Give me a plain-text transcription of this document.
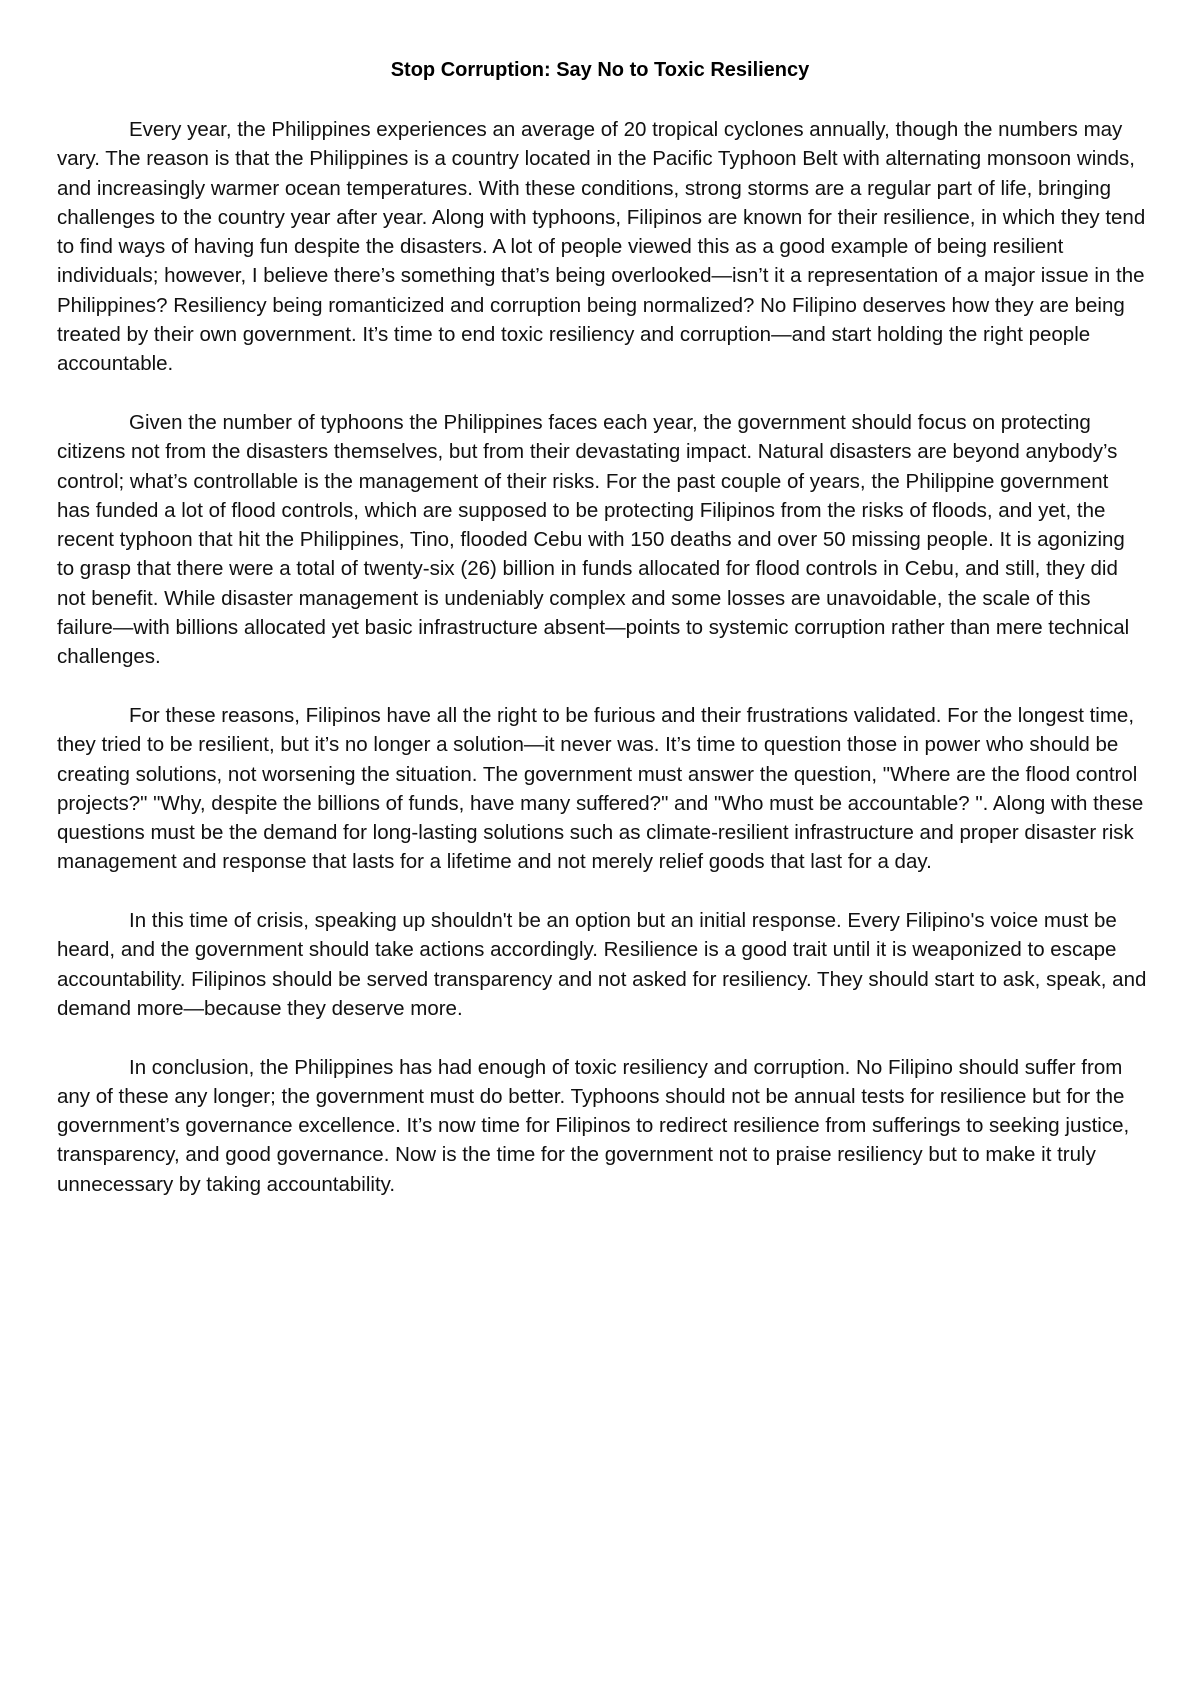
Stop Corruption: Say No to Toxic Resiliency

Every year, the Philippines experiences an average of 20 tropical cyclones annually, though the numbers may vary. The reason is that the Philippines is a country located in the Pacific Typhoon Belt with alternating monsoon winds, and increasingly warmer ocean temperatures. With these conditions, strong storms are a regular part of life, bringing challenges to the country year after year. Along with typhoons, Filipinos are known for their resilience, in which they tend to find ways of having fun despite the disasters. A lot of people viewed this as a good example of being resilient individuals; however, I believe there’s something that’s being overlooked—isn’t it a representation of a major issue in the Philippines? Resiliency being romanticized and corruption being normalized? No Filipino deserves how they are being treated by their own government. It’s time to end toxic resiliency and corruption—and start holding the right people accountable.

Given the number of typhoons the Philippines faces each year, the government should focus on protecting citizens not from the disasters themselves, but from their devastating impact. Natural disasters are beyond anybody’s control; what’s controllable is the management of their risks. For the past couple of years, the Philippine government has funded a lot of flood controls, which are supposed to be protecting Filipinos from the risks of floods, and yet, the recent typhoon that hit the Philippines, Tino, flooded Cebu with 150 deaths and over 50 missing people. It is agonizing to grasp that there were a total of twenty-six (26) billion in funds allocated for flood controls in Cebu, and still, they did not benefit. While disaster management is undeniably complex and some losses are unavoidable, the scale of this failure—with billions allocated yet basic infrastructure absent—points to systemic corruption rather than mere technical challenges.

For these reasons, Filipinos have all the right to be furious and their frustrations validated. For the longest time, they tried to be resilient, but it’s no longer a solution—it never was. It’s time to question those in power who should be creating solutions, not worsening the situation. The government must answer the question, "Where are the flood control projects?" "Why, despite the billions of funds, have many suffered?" and "Who must be accountable? ". Along with these questions must be the demand for long-lasting solutions such as climate-resilient infrastructure and proper disaster risk management and response that lasts for a lifetime and not merely relief goods that last for a day.

In this time of crisis, speaking up shouldn't be an option but an initial response. Every Filipino's voice must be heard, and the government should take actions accordingly. Resilience is a good trait until it is weaponized to escape accountability. Filipinos should be served transparency and not asked for resiliency. They should start to ask, speak, and demand more—because they deserve more.

In conclusion, the Philippines has had enough of toxic resiliency and corruption. No Filipino should suffer from any of these any longer; the government must do better. Typhoons should not be annual tests for resilience but for the government’s governance excellence. It’s now time for Filipinos to redirect resilience from sufferings to seeking justice, transparency, and good governance. Now is the time for the government not to praise resiliency but to make it truly unnecessary by taking accountability.
